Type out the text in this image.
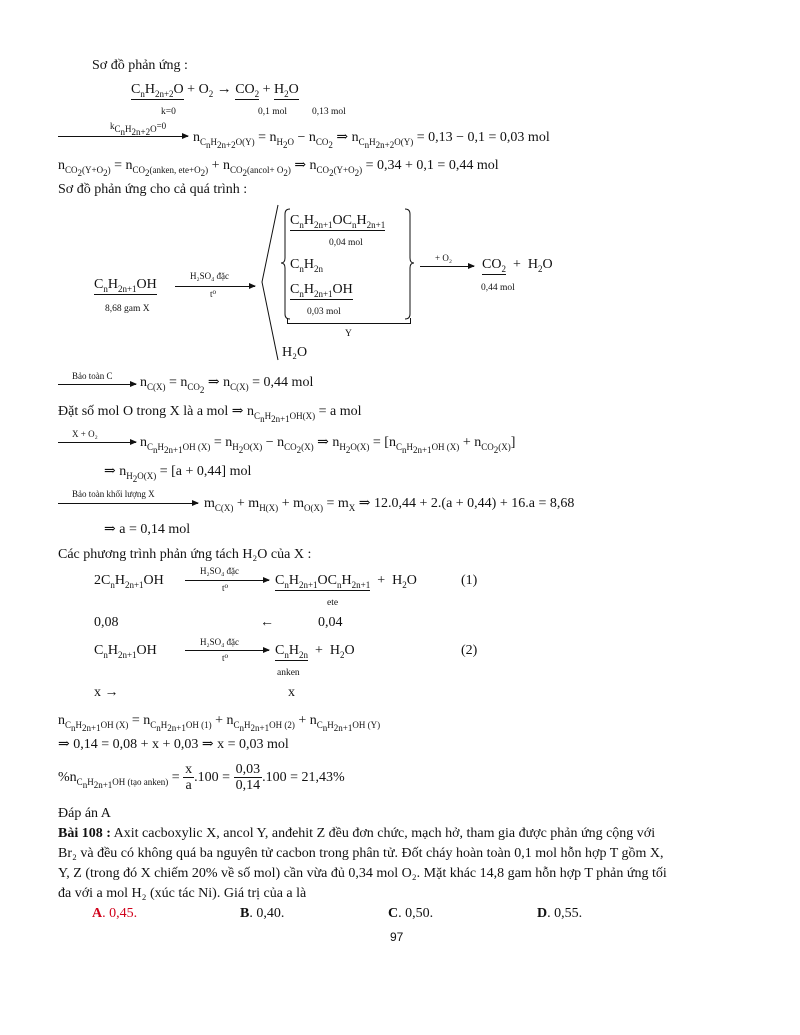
Sơ đồ phản ứng :
$C_nH_{2n+2}O + O_2 \to CO_2 + H_2O$
k=0	0,1 mol	0,13 mol
$k_{C_nH_{2n+2}O}=0$
$n_{C_nH_{2n+2}O(Y)} = n_{H_2O} - n_{CO_2}$ ⇒ $n_{C_nH_{2n+2}O(Y)} = 0,13 - 0,1 = 0,03$ mol
$n_{CO_2(Y+O_2)} = n_{CO_2(anken, ete+O_2)} + n_{CO_2(ancol+ O_2)}$ ⇒ $n_{CO_2(Y+O_2)} = 0,34 + 0,1 = 0,44$ mol
Sơ đồ phản ứng cho cả quá trình :
$C_nH_{2n+1}OC_nH_{2n+1}$
0,04 mol
$C_nH_{2n}$
$C_nH_{2n+1}OH$
0,03 mol
Y
H₂O
$C_nH_{2n+1}OH$
8,68 gam X
H₂SO₄ đặc
t⁰
+ O₂ $CO_2 + H_2O$
0,44 mol
Bảo toàn C $n_{C(X)} = n_{CO_2}$ ⇒ $n_{C(X)} = 0,44$ mol
Đặt số mol O trong X là a mol ⇒ $n_{C_nH_{2n+1}OH(X)} = a$ mol
X + O₂
$n_{C_nH_{2n+1}OH (X)} = n_{H_2O(X)} - n_{CO_2(X)}$ ⇒ $n_{H_2O(X)} = [n_{C_nH_{2n+1}OH (X)} + n_{CO_2(X)}]$
⇒ $n_{H_2O(X)} = [a + 0,44]$ mol
Bảo toàn khối lượng X
$m_{C(X)} + m_{H(X)} + m_{O(X)} = m_X$ ⇒ 12.0,44 + 2.(a + 0,44) + 16.a = 8,68
⇒ a = 0,14 mol
Các phương trình phản ứng tách H₂O của X :
$2C_nH_{2n+1}OH$
H₂SO₄ đặc
t⁰	$C_nH_{2n+1}OC_nH_{2n+1} + H_2O$
ete
(1)
0,08	←	0,04
$C_nH_{2n+1}OH$
H₂SO₄ đặc
t⁰	$C_nH_{2n} + H_2O$
anken
(2)
x →	x
$n_{C_nH_{2n+1}OH (X)} = n_{C_nH_{2n+1}OH (1)} + n_{C_nH_{2n+1}OH (2)} + n_{C_nH_{2n+1}OH (Y)}$
⇒ 0,14 = 0,08 + x + 0,03 ⇒ x = 0,03 mol
$\%n_{C_nH_{2n+1}OH (tạo anken)} = \frac{x}{a} .100 = \frac{0,03}{0,14} .100 = 21,43\%$
Đáp án A
Bài 108 : Axit cacboxylic X, ancol Y, anđehit Z đều đơn chức, mạch hở, tham gia được phản ứng cộng với
Br₂ và đều có không quá ba nguyên tử cacbon trong phân tử. Đốt cháy hoàn toàn 0,1 mol hỗn hợp T gồm X,
Y, Z (trong đó X chiếm 20% về số mol) cần vừa đủ 0,34 mol O₂. Mặt khác 14,8 gam hỗn hợp T phản ứng tối
đa với a mol H₂ (xúc tác Ni). Giá trị của a là
A. 0,45.	B. 0,40.	C. 0,50.	D. 0,55.
97
